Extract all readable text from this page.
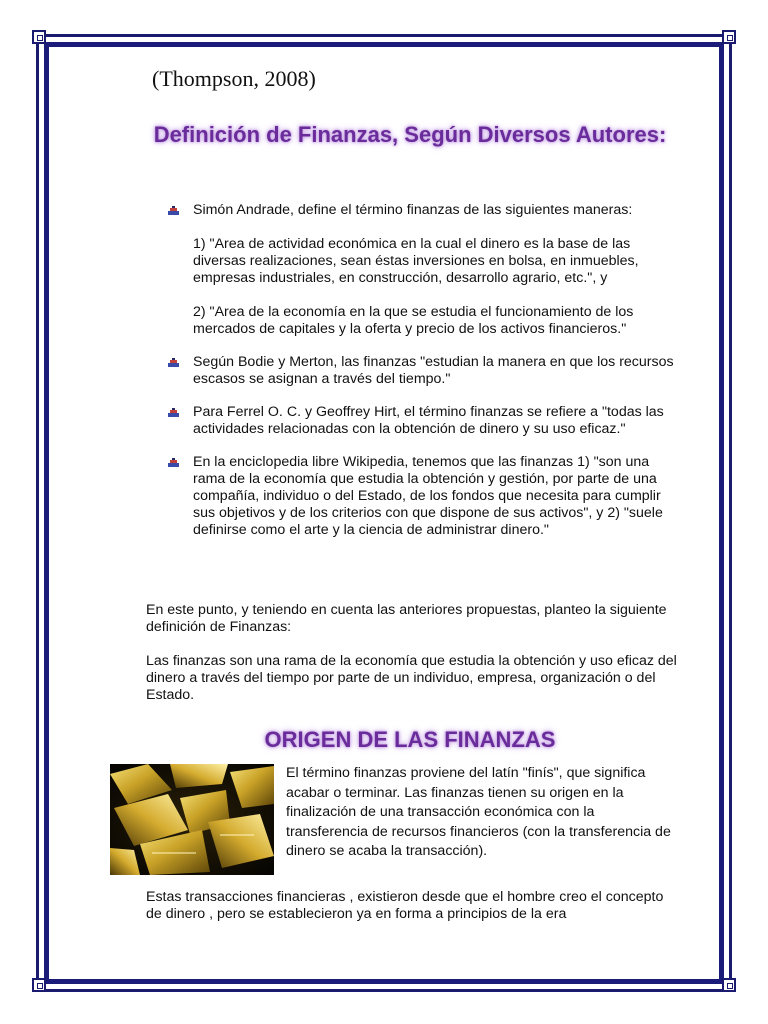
(Thompson, 2008)
Definición de Finanzas, Según Diversos Autores:

Simón Andrade, define el término finanzas de las siguientes maneras:

1) "Area de actividad económica en la cual el dinero es la base de las diversas realizaciones, sean éstas inversiones en bolsa, en inmuebles, empresas industriales, en construcción, desarrollo agrario, etc.", y

2) "Area de la economía en la que se estudia el funcionamiento de los mercados de capitales y la oferta y precio de los activos financieros."

Según Bodie y Merton, las finanzas "estudian la manera en que los recursos escasos se asignan a través del tiempo."
Para Ferrel O. C. y Geoffrey Hirt, el término finanzas se refiere a "todas las actividades relacionadas con la obtención de dinero y su uso eficaz."
En la enciclopedia libre Wikipedia, tenemos que las finanzas 1) "son una rama de la economía que estudia la obtención y gestión, por parte de una compañía, individuo o del Estado, de los fondos que necesita para cumplir sus objetivos y de los criterios con que dispone de sus activos", y 2) "suele definirse como el arte y la ciencia de administrar dinero."

En este punto, y teniendo en cuenta las anteriores propuestas, planteo la siguiente definición de Finanzas:

Las finanzas son una rama de la economía que estudia la obtención y uso eficaz del dinero a través del tiempo por parte de un individuo, empresa, organización o del Estado.

ORIGEN DE LAS FINANZAS

El término finanzas proviene del latín "finís", que significa acabar o terminar. Las finanzas tienen su origen en la finalización de una transacción económica con la transferencia de recursos financieros (con la transferencia de dinero se acaba la transacción).

Estas transacciones financieras , existieron desde que el hombre creo el concepto de dinero , pero se establecieron ya en forma a principios de la era
